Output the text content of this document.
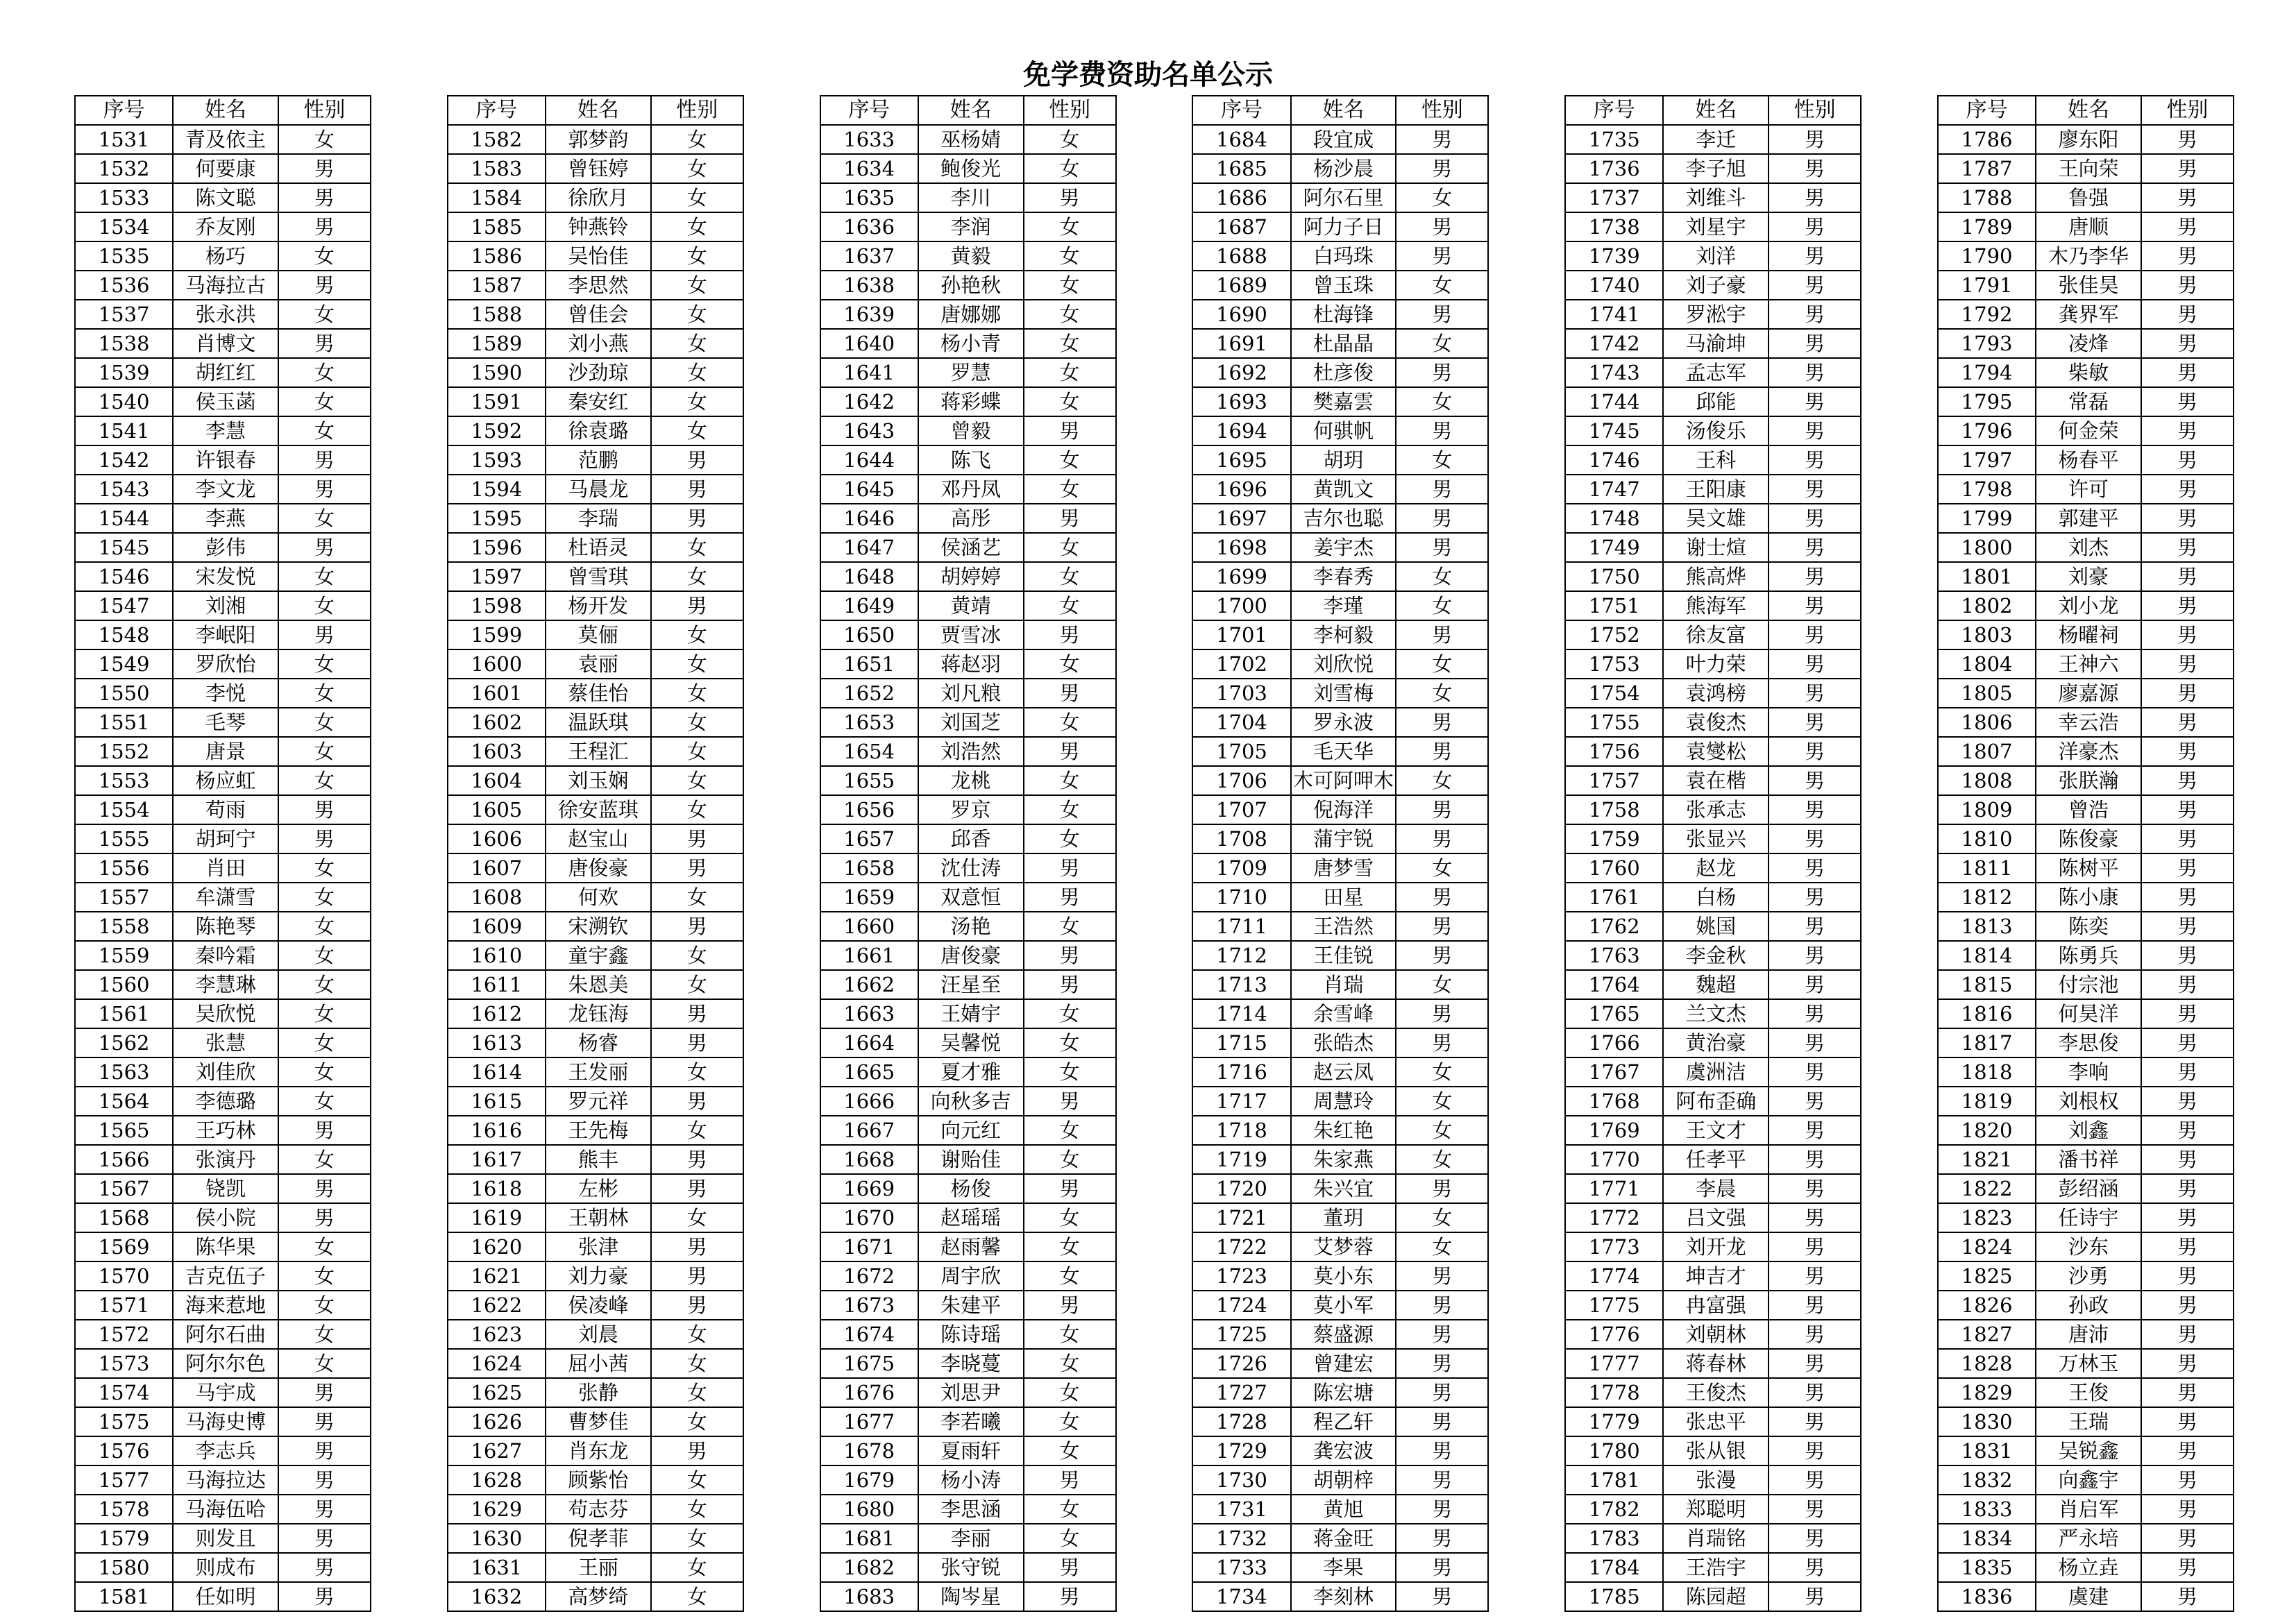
免学费资助名单公示
序号	姓名	性别		序号	姓名	性别		序号	姓名	性别		序号	姓名	性别		序号	姓名	性别		序号	姓名	性别
1531	青及依主	女		1582	郭梦韵	女		1633	巫杨婧	女		1684	段宜成	男		1735	李迁	男		1786	廖东阳	男
1532	何要康	男		1583	曾钰婷	女		1634	鲍俊光	女		1685	杨沙晨	男		1736	李子旭	男		1787	王向荣	男
1533	陈文聪	男		1584	徐欣月	女		1635	李川	男		1686	阿尔石里	女		1737	刘维斗	男		1788	鲁强	男
1534	乔友刚	男		1585	钟燕铃	女		1636	李润	女		1687	阿力子日	男		1738	刘星宇	男		1789	唐顺	男
1535	杨巧	女		1586	吴怡佳	女		1637	黄毅	女		1688	白玛珠	男		1739	刘洋	男		1790	木乃李华	男
1536	马海拉古	男		1587	李思然	女		1638	孙艳秋	女		1689	曾玉珠	女		1740	刘子豪	男		1791	张佳昊	男
1537	张永洪	女		1588	曾佳会	女		1639	唐娜娜	女		1690	杜海锋	男		1741	罗淞宇	男		1792	龚界军	男
1538	肖博文	男		1589	刘小燕	女		1640	杨小青	女		1691	杜晶晶	女		1742	马渝坤	男		1793	凌烽	男
1539	胡红红	女		1590	沙劲琼	女		1641	罗慧	女		1692	杜彦俊	男		1743	孟志军	男		1794	柴敏	男
1540	侯玉菡	女		1591	秦安红	女		1642	蒋彩蝶	女		1693	樊嘉雲	女		1744	邱能	男		1795	常磊	男
1541	李慧	女		1592	徐袁璐	女		1643	曾毅	男		1694	何骐帆	男		1745	汤俊乐	男		1796	何金荣	男
1542	许银春	男		1593	范鹏	男		1644	陈飞	女		1695	胡玥	女		1746	王科	男		1797	杨春平	男
1543	李文龙	男		1594	马晨龙	男		1645	邓丹凤	女		1696	黄凯文	男		1747	王阳康	男		1798	许可	男
1544	李燕	女		1595	李瑞	男		1646	高彤	男		1697	吉尔也聪	男		1748	吴文雄	男		1799	郭建平	男
1545	彭伟	男		1596	杜语灵	女		1647	侯涵艺	女		1698	姜宇杰	男		1749	谢士煊	男		1800	刘杰	男
1546	宋发悦	女		1597	曾雪琪	女		1648	胡婷婷	女		1699	李春秀	女		1750	熊高烨	男		1801	刘豪	男
1547	刘湘	女		1598	杨开发	男		1649	黄靖	女		1700	李瑾	女		1751	熊海军	男		1802	刘小龙	男
1548	李岷阳	男		1599	莫俪	女		1650	贾雪冰	男		1701	李柯毅	男		1752	徐友富	男		1803	杨曜祠	男
1549	罗欣怡	女		1600	袁丽	女		1651	蒋赵羽	女		1702	刘欣悦	女		1753	叶力荣	男		1804	王神六	男
1550	李悦	女		1601	蔡佳怡	女		1652	刘凡粮	男		1703	刘雪梅	女		1754	袁鸿榜	男		1805	廖嘉源	男
1551	毛琴	女		1602	温跃琪	女		1653	刘国芝	女		1704	罗永波	男		1755	袁俊杰	男		1806	幸云浩	男
1552	唐景	女		1603	王程汇	女		1654	刘浩然	男		1705	毛天华	男		1756	袁燮松	男		1807	洋豪杰	男
1553	杨应虹	女		1604	刘玉娴	女		1655	龙桃	女		1706	木可阿呷木	女		1757	袁在楷	男		1808	张朕瀚	男
1554	苟雨	男		1605	徐安蓝琪	女		1656	罗京	女		1707	倪海洋	男		1758	张承志	男		1809	曾浩	男
1555	胡珂宁	男		1606	赵宝山	男		1657	邱香	女		1708	蒲宇锐	男		1759	张显兴	男		1810	陈俊豪	男
1556	肖田	女		1607	唐俊豪	男		1658	沈仕涛	男		1709	唐梦雪	女		1760	赵龙	男		1811	陈树平	男
1557	牟潇雪	女		1608	何欢	女		1659	双意恒	男		1710	田星	男		1761	白杨	男		1812	陈小康	男
1558	陈艳琴	女		1609	宋溯钦	男		1660	汤艳	女		1711	王浩然	男		1762	姚国	男		1813	陈奕	男
1559	秦吟霜	女		1610	童宇鑫	女		1661	唐俊豪	男		1712	王佳锐	男		1763	李金秋	男		1814	陈勇兵	男
1560	李慧琳	女		1611	朱恩美	女		1662	汪星至	男		1713	肖瑞	女		1764	魏超	男		1815	付宗池	男
1561	吴欣悦	女		1612	龙钰海	男		1663	王婧宇	女		1714	余雪峰	男		1765	兰文杰	男		1816	何昊洋	男
1562	张慧	女		1613	杨睿	男		1664	吴馨悦	女		1715	张皓杰	男		1766	黄治豪	男		1817	李思俊	男
1563	刘佳欣	女		1614	王发丽	女		1665	夏才雅	女		1716	赵云凤	女		1767	虞洲洁	男		1818	李响	男
1564	李德璐	女		1615	罗元祥	男		1666	向秋多吉	男		1717	周慧玲	女		1768	阿布歪确	男		1819	刘根权	男
1565	王巧林	男		1616	王先梅	女		1667	向元红	女		1718	朱红艳	女		1769	王文才	男		1820	刘鑫	男
1566	张演丹	女		1617	熊丰	男		1668	谢贻佳	女		1719	朱家燕	女		1770	任孝平	男		1821	潘书祥	男
1567	铙凯	男		1618	左彬	男		1669	杨俊	男		1720	朱兴宜	男		1771	李晨	男		1822	彭绍涵	男
1568	侯小院	男		1619	王朝林	女		1670	赵瑶瑶	女		1721	董玥	女		1772	吕文强	男		1823	任诗宇	男
1569	陈华果	女		1620	张津	男		1671	赵雨馨	女		1722	艾梦蓉	女		1773	刘开龙	男		1824	沙东	男
1570	吉克伍子	女		1621	刘力豪	男		1672	周宇欣	女		1723	莫小东	男		1774	坤吉才	男		1825	沙勇	男
1571	海来惹地	女		1622	侯凌峰	男		1673	朱建平	男		1724	莫小军	男		1775	冉富强	男		1826	孙政	男
1572	阿尔石曲	女		1623	刘晨	女		1674	陈诗瑶	女		1725	蔡盛源	男		1776	刘朝林	男		1827	唐沛	男
1573	阿尔尔色	女		1624	屈小茜	女		1675	李晓蔓	女		1726	曾建宏	男		1777	蒋春林	男		1828	万林玉	男
1574	马宇成	男		1625	张静	女		1676	刘思尹	女		1727	陈宏塘	男		1778	王俊杰	男		1829	王俊	男
1575	马海史博	男		1626	曹梦佳	女		1677	李若曦	女		1728	程乙轩	男		1779	张忠平	男		1830	王瑞	男
1576	李志兵	男		1627	肖东龙	男		1678	夏雨轩	女		1729	龚宏波	男		1780	张从银	男		1831	吴锐鑫	男
1577	马海拉达	男		1628	顾紫怡	女		1679	杨小涛	男		1730	胡朝梓	男		1781	张漫	男		1832	向鑫宇	男
1578	马海伍哈	男		1629	苟志芬	女		1680	李思涵	女		1731	黄旭	男		1782	郑聪明	男		1833	肖启军	男
1579	则发且	男		1630	倪孝菲	女		1681	李丽	女		1732	蒋金旺	男		1783	肖瑞铭	男		1834	严永培	男
1580	则成布	男		1631	王丽	女		1682	张守锐	男		1733	李果	男		1784	王浩宇	男		1835	杨立垚	男
1581	任如明	男		1632	高梦绮	女		1683	陶岑星	男		1734	李刻林	男		1785	陈园超	男		1836	虞建	男
